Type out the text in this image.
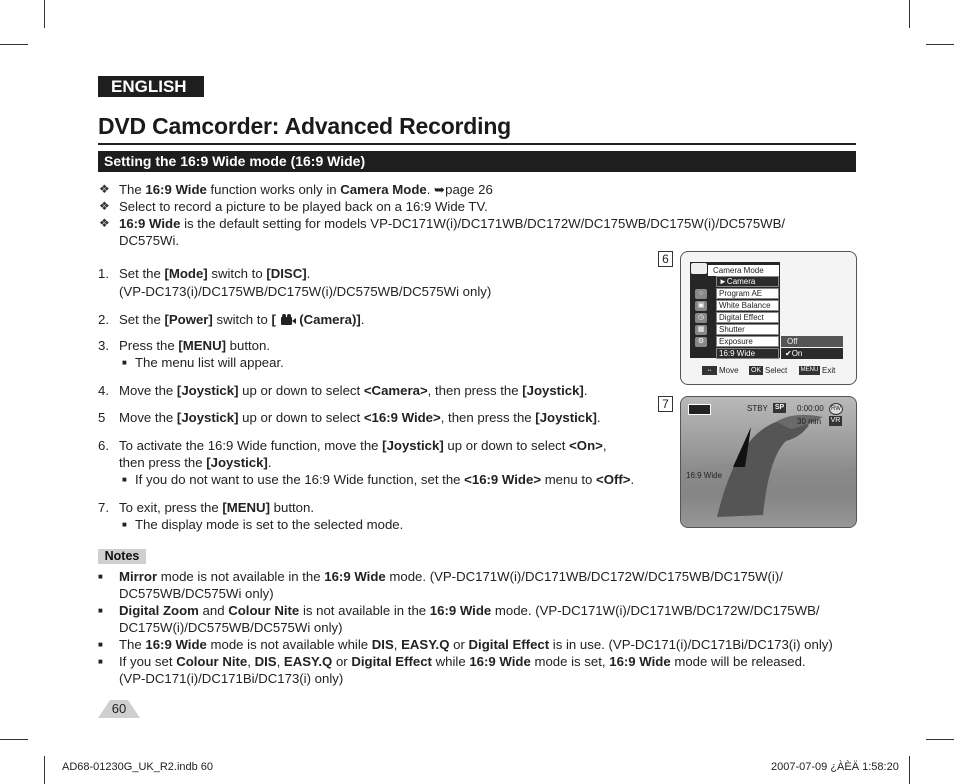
ENGLISH
DVD Camcorder: Advanced Recording
Setting the 16:9 Wide mode (16:9 Wide)
❖ The 16:9 Wide function works only in Camera Mode. ➥page 26
❖ Select to record a picture to be played back on a 16:9 Wide TV.
❖ 16:9 Wide is the default setting for models VP-DC171W(i)/DC171WB/DC172W/DC175WB/DC175W(i)/DC575WB/
DC575Wi.
1. Set the [Mode] switch to [DISC].
(VP-DC173(i)/DC175WB/DC175W(i)/DC575WB/DC575Wi only)
2. Set the [Power] switch to [
(Camera)].
3. Press the [MENU] button.
■ The menu list will appear.
4. Move the [Joystick] up or down to select <Camera>, then press the [Joystick].
5 Move the [Joystick] up or down to select <16:9 Wide>, then press the [Joystick].
6. To activate the 16:9 Wide function, move the [Joystick] up or down to select <On>,
then press the [Joystick].
■ If you do not want to use the 16:9 Wide function, set the <16:9 Wide> menu to <Off>.
7. To exit, press the [MENU] button.
■ The display mode is set to the selected mode.
Notes
■ Mirror mode is not available in the 16:9 Wide mode. (VP-DC171W(i)/DC171WB/DC172W/DC175WB/DC175W(i)/
DC575WB/DC575Wi only)
■ Digital Zoom and Colour Nite is not available in the 16:9 Wide mode. (VP-DC171W(i)/DC171WB/DC172W/DC175WB/
DC175W(i)/DC575WB/DC575Wi only)
■ The 16:9 Wide mode is not available while DIS, EASY.Q or Digital Effect is in use. (VP-DC171(i)/DC171Bi/DC173(i) only)
■ If you set Colour Nite, DIS, EASY.Q or Digital Effect while 16:9 Wide mode is set, 16:9 Wide mode will be released.
(VP-DC171(i)/DC171Bi/DC173(i) only)
60
AD68-01230G_UK_R2.indb 60	2007-07-09 ¿ÀÈÄ 1:58:20
6
Camera Mode
►Camera
Program AE
White Balance
Digital Effect
Shutter
Exposure
16:9 Wide
○
▣
◷
▦
⚙	Off
✔On
↔ Move OK Select MENU Exit
7	STBY SP 0:00:00	RW
30 min VR
16:9 Wide
